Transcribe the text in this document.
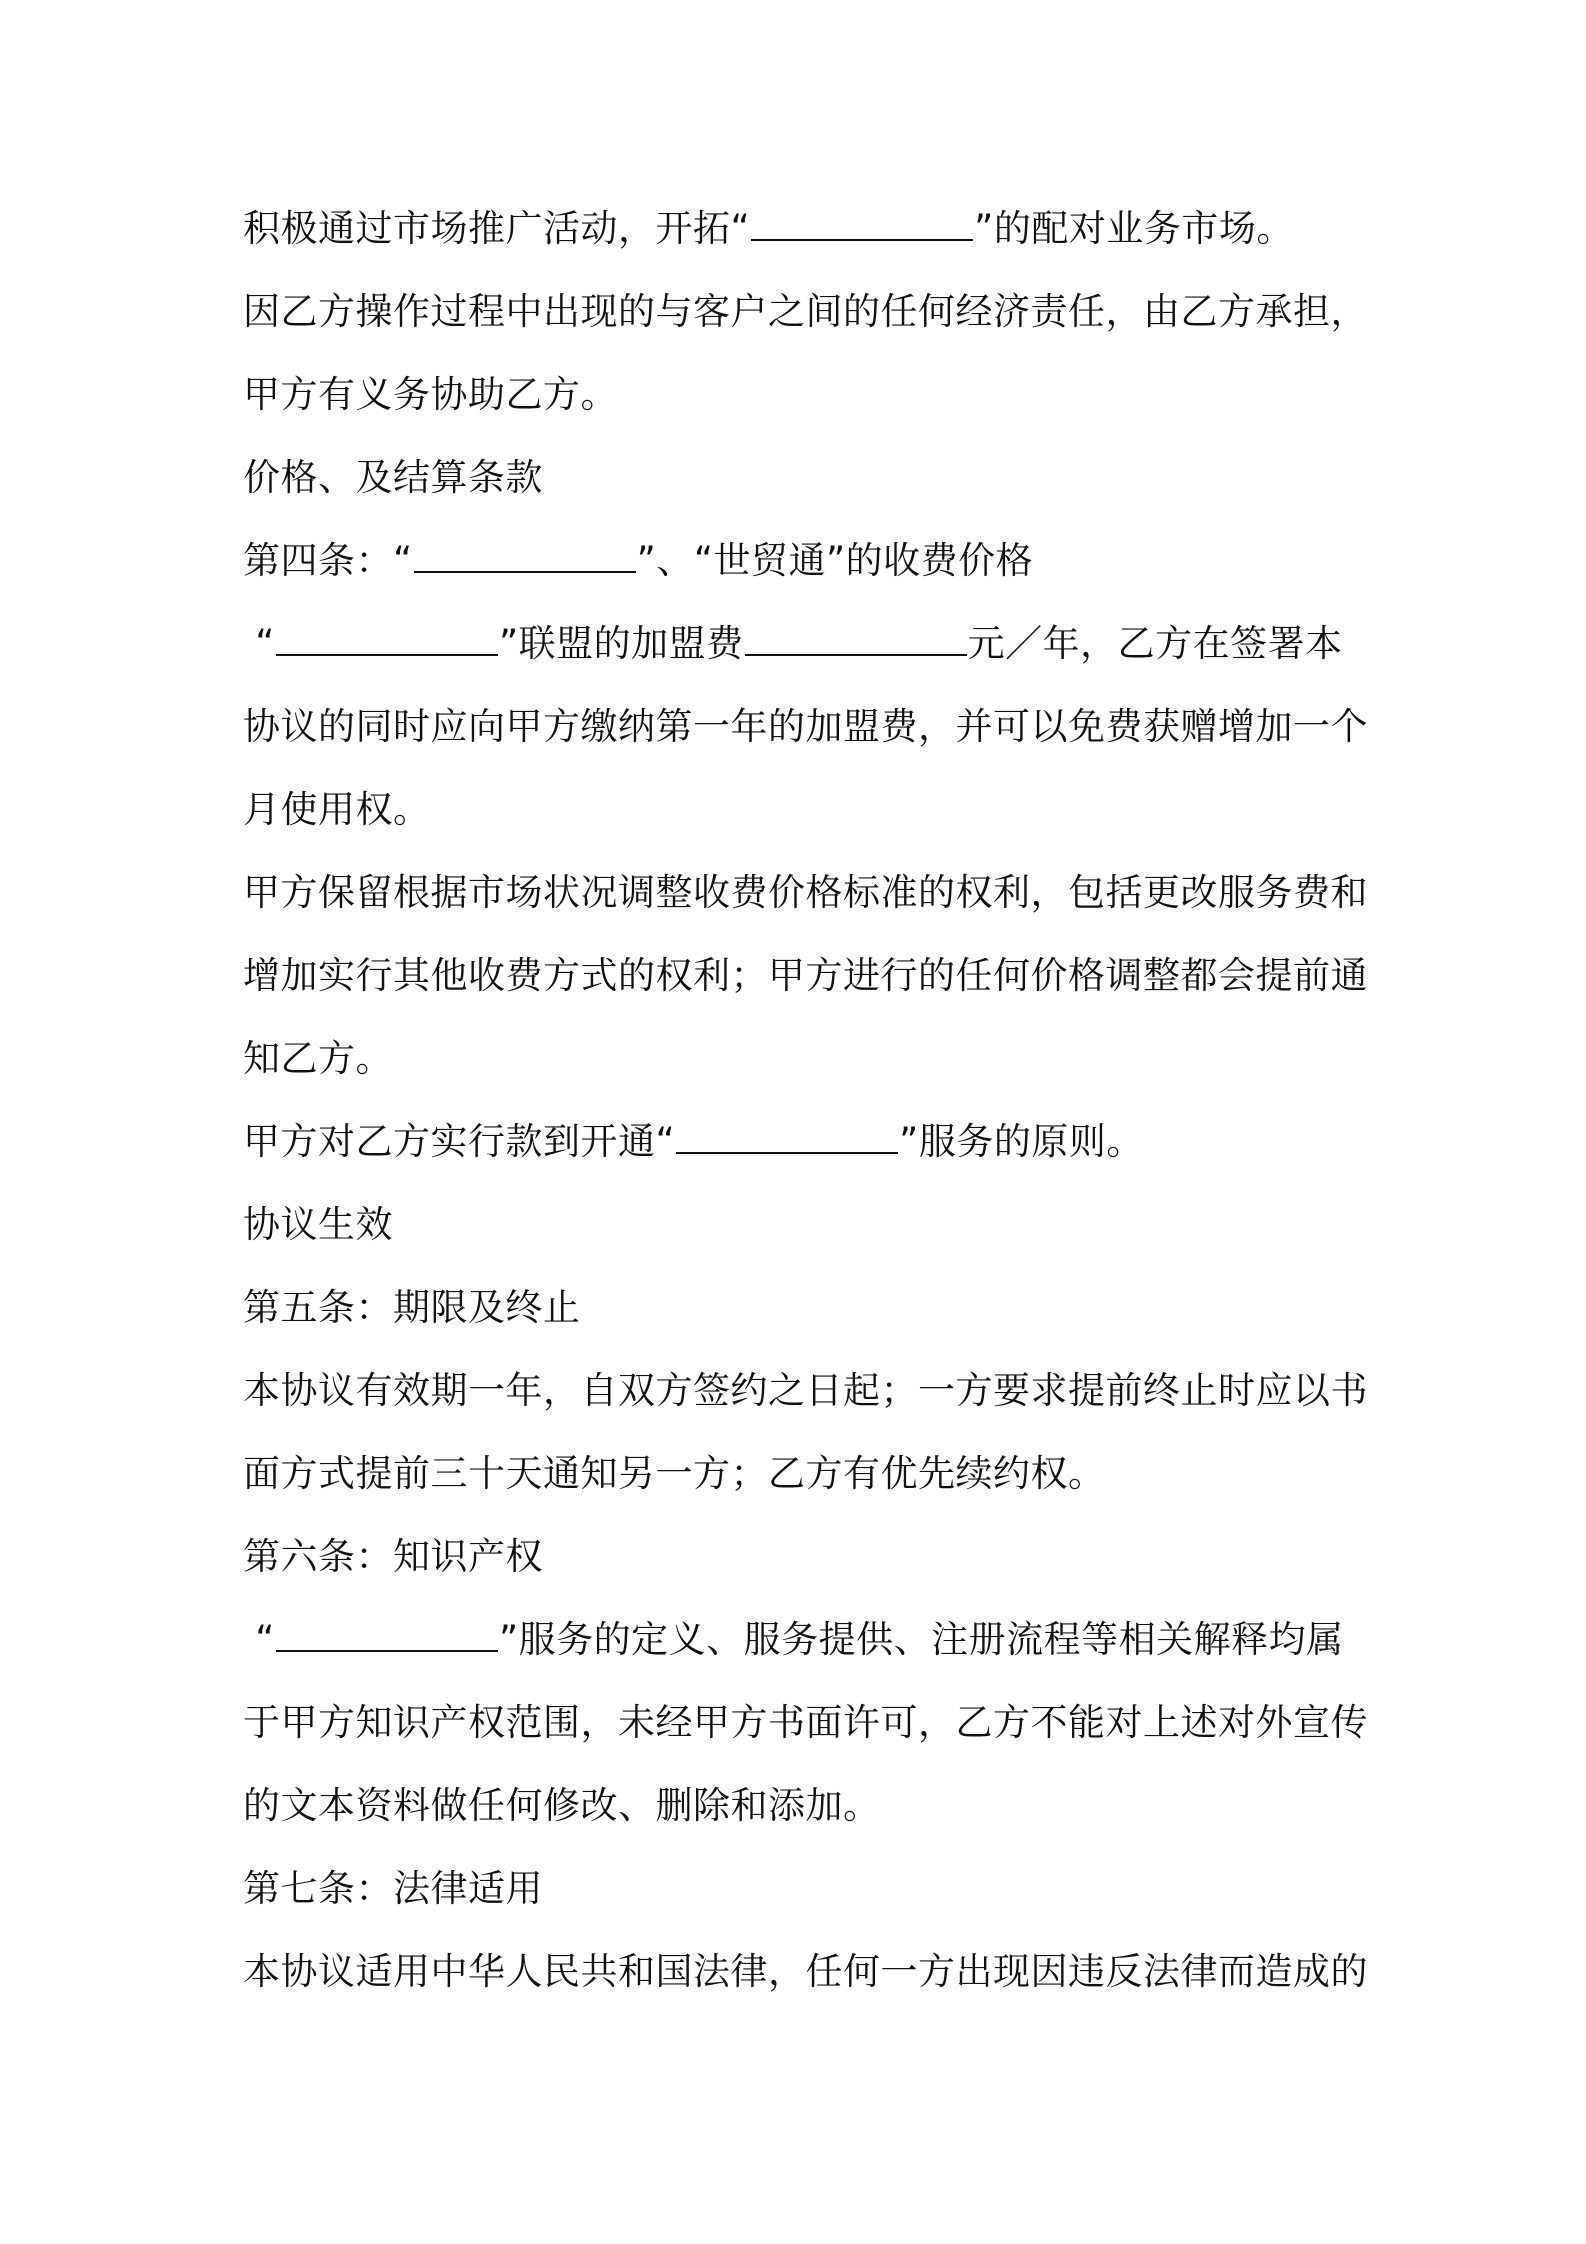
积极通过市场推广活动，开拓“	”的配对业务市场。
因乙方操作过程中出现的与客户之间的任何经济责任，由乙方承担，
甲方有义务协助乙方。
价格、及结算条款
第四条：“	”、“世贸通”的收费价格
“	”联盟的加盟费	元／年，乙方在签署本
协议的同时应向甲方缴纳第一年的加盟费，并可以免费获赠增加一个
月使用权。
甲方保留根据市场状况调整收费价格标准的权利，包括更改服务费和
增加实行其他收费方式的权利；甲方进行的任何价格调整都会提前通
知乙方。
甲方对乙方实行款到开通“	”服务的原则。
协议生效
第五条：期限及终止
本协议有效期一年，自双方签约之日起；一方要求提前终止时应以书
面方式提前三十天通知另一方；乙方有优先续约权。
第六条：知识产权
“	”服务的定义、服务提供、注册流程等相关解释均属
于甲方知识产权范围，未经甲方书面许可，乙方不能对上述对外宣传
的文本资料做任何修改、删除和添加。
第七条：法律适用
本协议适用中华人民共和国法律，任何一方出现因违反法律而造成的
